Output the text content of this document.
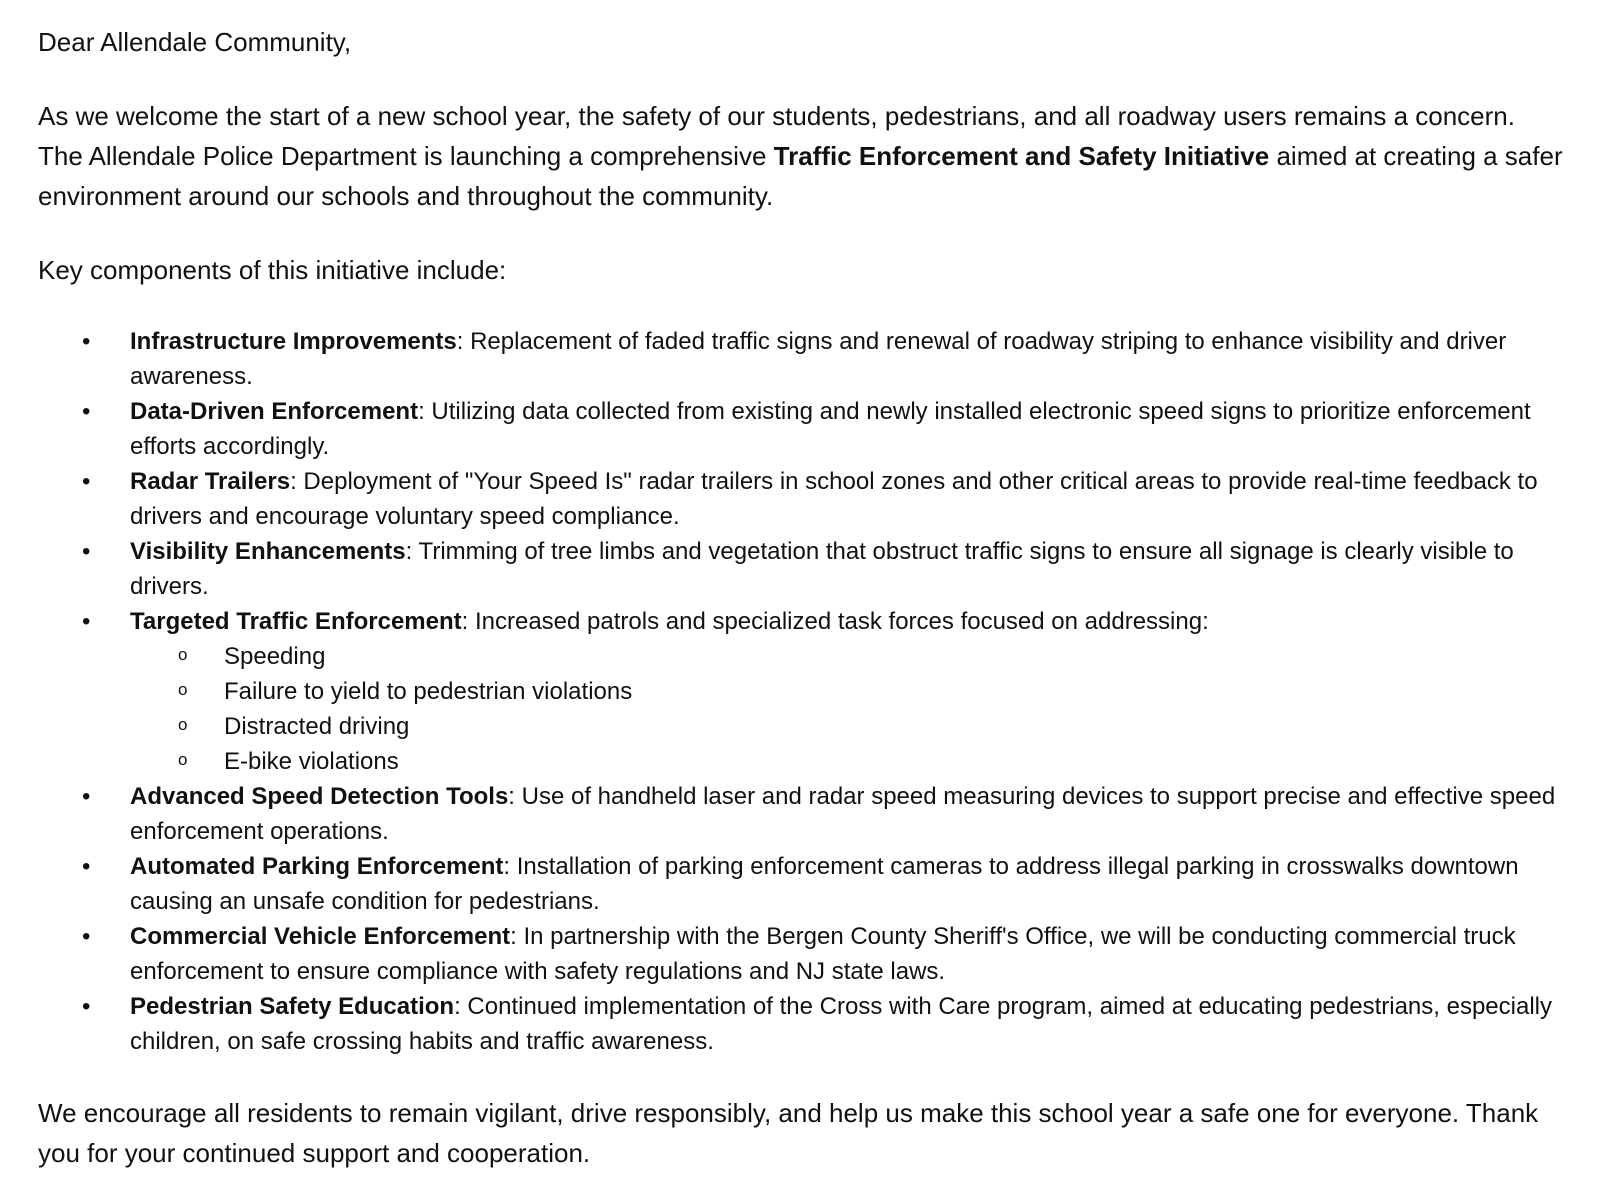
Dear Allendale Community,

As we welcome the start of a new school year, the safety of our students, pedestrians, and all roadway users remains a concern. The Allendale Police Department is launching a comprehensive Traffic Enforcement and Safety Initiative aimed at creating a safer environment around our schools and throughout the community.

Key components of this initiative include:

• Infrastructure Improvements: Replacement of faded traffic signs and renewal of roadway striping to enhance visibility and driver awareness.
• Data-Driven Enforcement: Utilizing data collected from existing and newly installed electronic speed signs to prioritize enforcement efforts accordingly.
• Radar Trailers: Deployment of "Your Speed Is" radar trailers in school zones and other critical areas to provide real-time feedback to drivers and encourage voluntary speed compliance.
• Visibility Enhancements: Trimming of tree limbs and vegetation that obstruct traffic signs to ensure all signage is clearly visible to drivers.
• Targeted Traffic Enforcement: Increased patrols and specialized task forces focused on addressing:
o Speeding
o Failure to yield to pedestrian violations
o Distracted driving
o E-bike violations
• Advanced Speed Detection Tools: Use of handheld laser and radar speed measuring devices to support precise and effective speed enforcement operations.
• Automated Parking Enforcement: Installation of parking enforcement cameras to address illegal parking in crosswalks downtown causing an unsafe condition for pedestrians.
• Commercial Vehicle Enforcement: In partnership with the Bergen County Sheriff's Office, we will be conducting commercial truck enforcement to ensure compliance with safety regulations and NJ state laws.
• Pedestrian Safety Education: Continued implementation of the Cross with Care program, aimed at educating pedestrians, especially children, on safe crossing habits and traffic awareness.

We encourage all residents to remain vigilant, drive responsibly, and help us make this school year a safe one for everyone. Thank you for your continued support and cooperation.
